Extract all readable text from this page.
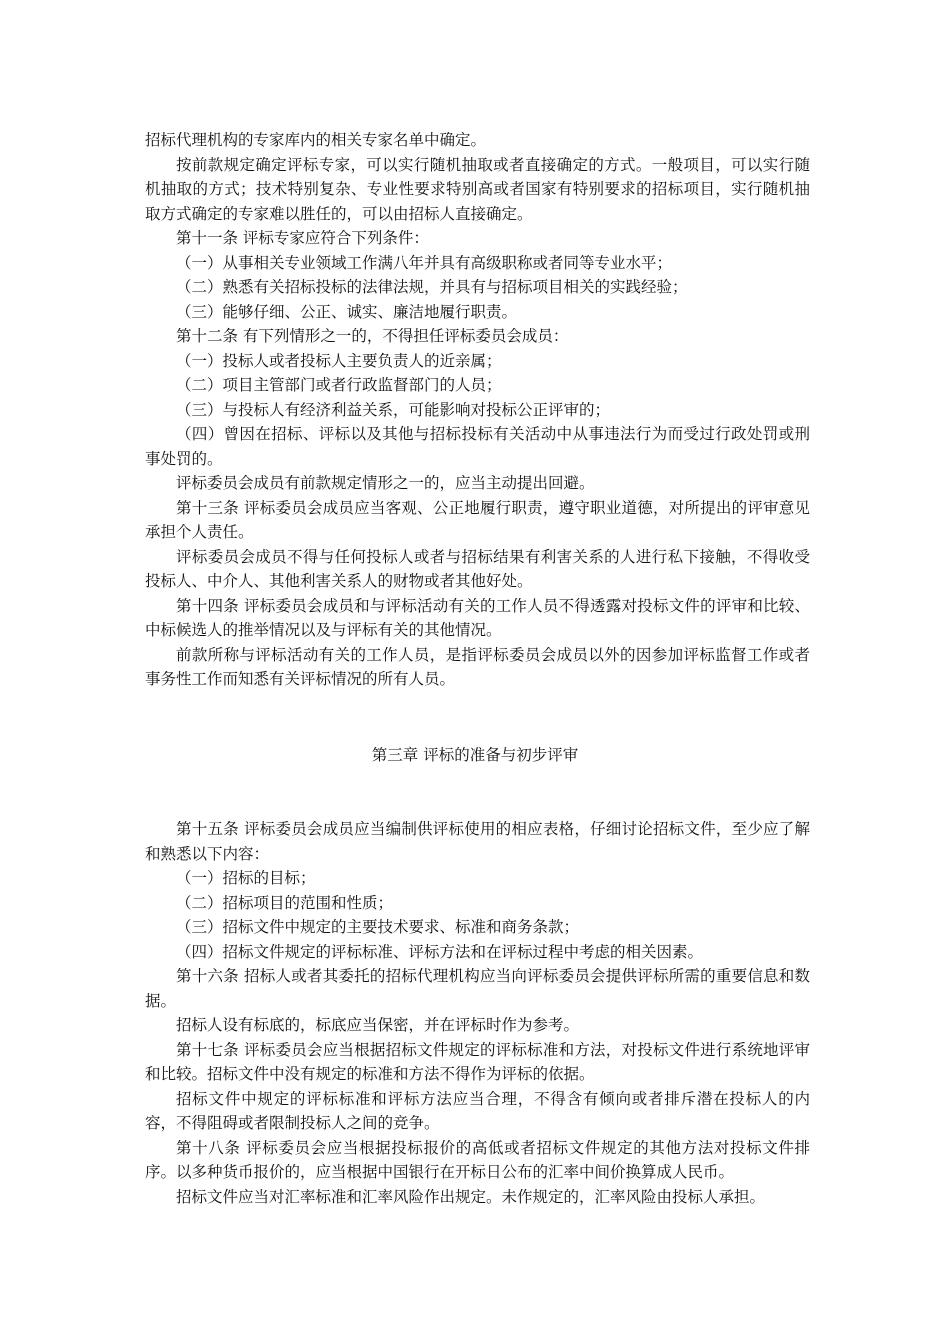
招标代理机构的专家库内的相关专家名单中确定。

按前款规定确定评标专家，可以实行随机抽取或者直接确定的方式。一般项目，可以实行随机抽取的方式；技术特别复杂、专业性要求特别高或者国家有特别要求的招标项目，实行随机抽取方式确定的专家难以胜任的，可以由招标人直接确定。

第十一条 评标专家应符合下列条件：

（一）从事相关专业领域工作满八年并具有高级职称或者同等专业水平；

（二）熟悉有关招标投标的法律法规，并具有与招标项目相关的实践经验；

（三）能够仔细、公正、诚实、廉洁地履行职责。

第十二条 有下列情形之一的，不得担任评标委员会成员：

（一）投标人或者投标人主要负责人的近亲属；

（二）项目主管部门或者行政监督部门的人员；

（三）与投标人有经济利益关系，可能影响对投标公正评审的；

（四）曾因在招标、评标以及其他与招标投标有关活动中从事违法行为而受过行政处罚或刑事处罚的。

评标委员会成员有前款规定情形之一的，应当主动提出回避。

第十三条 评标委员会成员应当客观、公正地履行职责，遵守职业道德，对所提出的评审意见承担个人责任。

评标委员会成员不得与任何投标人或者与招标结果有利害关系的人进行私下接触，不得收受投标人、中介人、其他利害关系人的财物或者其他好处。

第十四条 评标委员会成员和与评标活动有关的工作人员不得透露对投标文件的评审和比较、中标候选人的推举情况以及与评标有关的其他情况。

前款所称与评标活动有关的工作人员，是指评标委员会成员以外的因参加评标监督工作或者事务性工作而知悉有关评标情况的所有人员。

第三章 评标的准备与初步评审

第十五条 评标委员会成员应当编制供评标使用的相应表格，仔细讨论招标文件，至少应了解和熟悉以下内容：

（一）招标的目标；

（二）招标项目的范围和性质；

（三）招标文件中规定的主要技术要求、标准和商务条款；

（四）招标文件规定的评标标准、评标方法和在评标过程中考虑的相关因素。

第十六条 招标人或者其委托的招标代理机构应当向评标委员会提供评标所需的重要信息和数据。

招标人设有标底的，标底应当保密，并在评标时作为参考。

第十七条 评标委员会应当根据招标文件规定的评标标准和方法，对投标文件进行系统地评审和比较。招标文件中没有规定的标准和方法不得作为评标的依据。

招标文件中规定的评标标准和评标方法应当合理，不得含有倾向或者排斥潜在投标人的内容，不得阻碍或者限制投标人之间的竞争。

第十八条 评标委员会应当根据投标报价的高低或者招标文件规定的其他方法对投标文件排序。以多种货币报价的，应当根据中国银行在开标日公布的汇率中间价换算成人民币。

招标文件应当对汇率标准和汇率风险作出规定。未作规定的，汇率风险由投标人承担。
